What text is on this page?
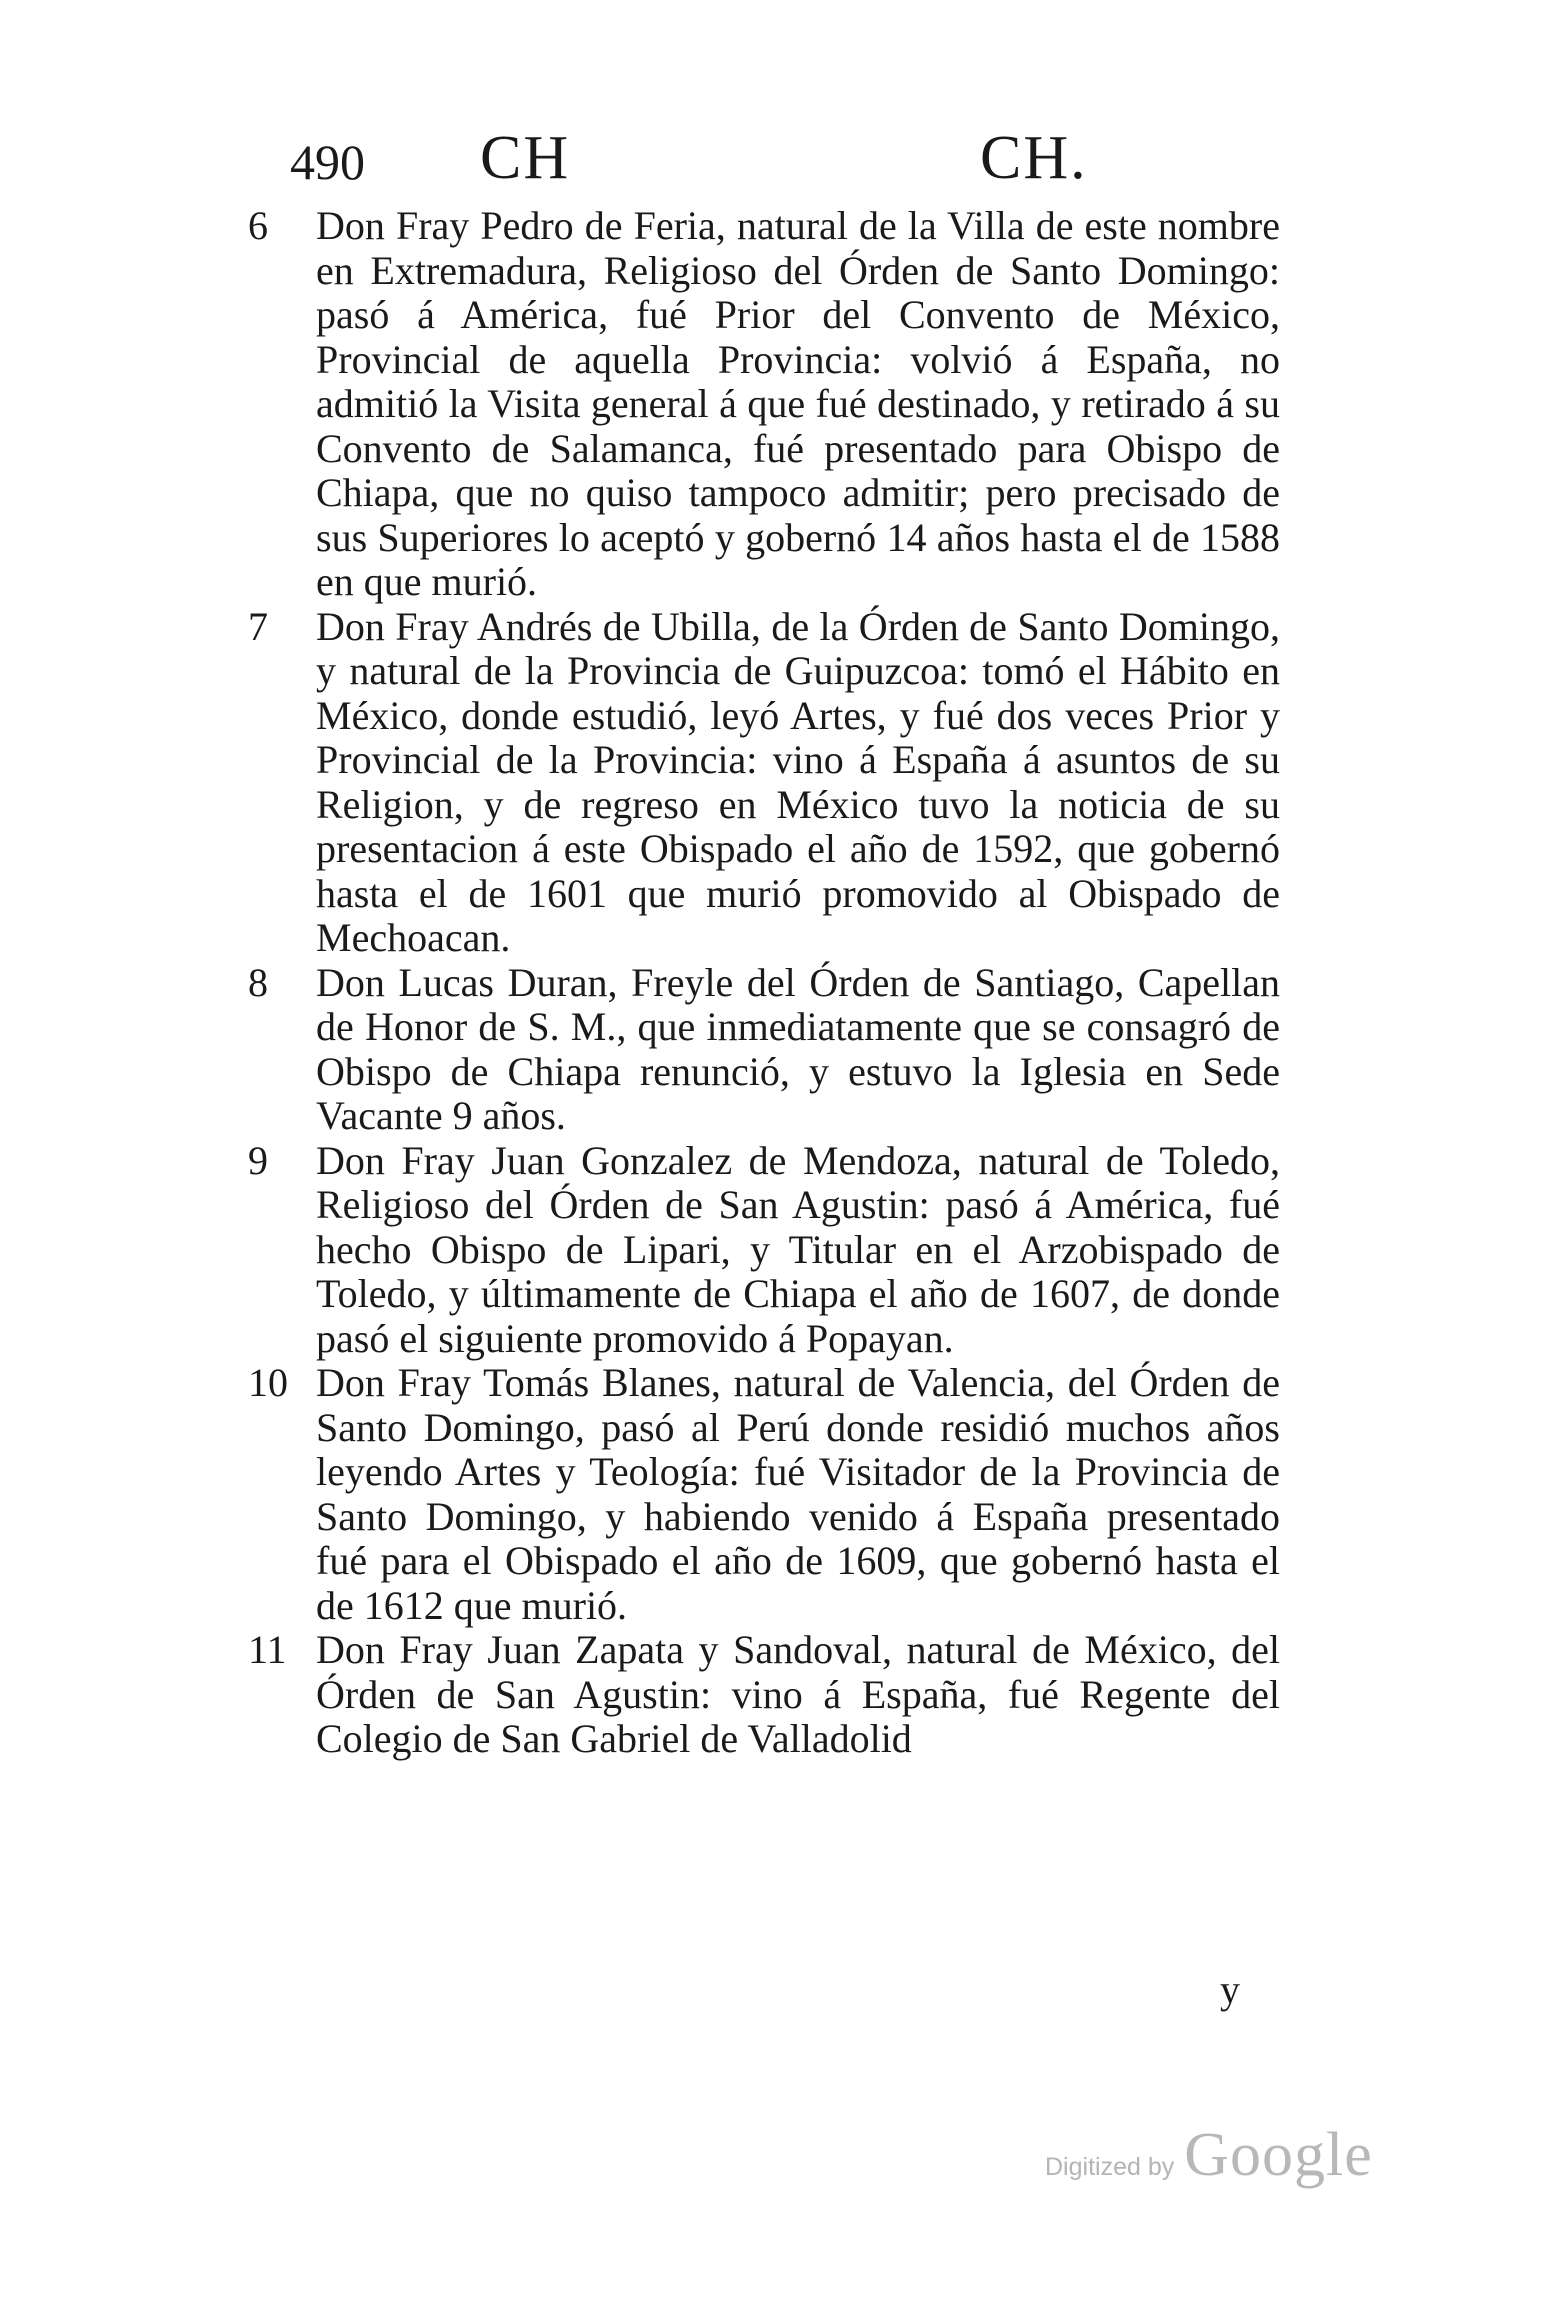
490 CH	CH.
6	Don Fray Pedro de Feria, natural de la Villa de este nombre en Extremadura, Religioso del Órden de Santo Domingo: pasó á América, fué Prior del Convento de México, Provincial de aquella Provincia: volvió á España, no admitió la Visita general á que fué destinado, y retirado á su Convento de Salamanca, fué presentado para Obispo de Chiapa, que no quiso tampoco admitir; pero precisado de sus Superiores lo aceptó y gobernó 14 años hasta el de 1588 en que murió.
7	Don Fray Andrés de Ubilla, de la Órden de Santo Domingo, y natural de la Provincia de Guipuzcoa: tomó el Hábito en México, donde estudió, leyó Artes, y fué dos veces Prior y Provincial de la Provincia: vino á España á asuntos de su Religion, y de regreso en México tuvo la noticia de su presentacion á este Obispado el año de 1592, que gobernó hasta el de 1601 que murió promovido al Obispado de Mechoacan.
8	Don Lucas Duran, Freyle del Órden de Santiago, Capellan de Honor de S. M., que inmediatamente que se consagró de Obispo de Chiapa renunció, y estuvo la Iglesia en Sede Vacante 9 años.
9	Don Fray Juan Gonzalez de Mendoza, natural de Toledo, Religioso del Órden de San Agustin: pasó á América, fué hecho Obispo de Lipari, y Titular en el Arzobispado de Toledo, y últimamente de Chiapa el año de 1607, de donde pasó el siguiente promovido á Popayan.
10 Don Fray Tomás Blanes, natural de Valencia, del Órden de Santo Domingo, pasó al Perú donde residió muchos años leyendo Artes y Teología: fué Visitador de la Provincia de Santo Domingo, y habiendo venido á España presentado fué para el Obispado el año de 1609, que gobernó hasta el de 1612 que murió.
11 Don Fray Juan Zapata y Sandoval, natural de México, del Órden de San Agustin: vino á España, fué Regente del Colegio de San Gabriel de Valladolid
y
Digitized by Google
